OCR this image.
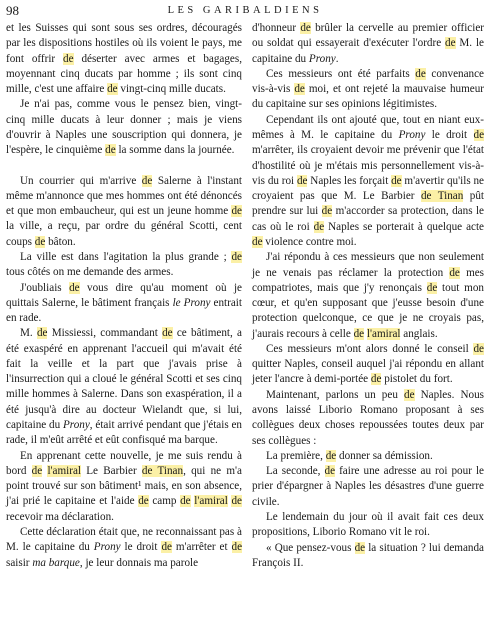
98	LES GARIBALDIENS

et les Suisses qui sont sous ses ordres, découragés par les dispositions hostiles où ils voient le pays, me font offrir de déserter avec armes et bagages, moyennant cinq ducats par homme ; ils sont cinq mille, c'est une affaire de vingt-cinq mille ducats.

Je n'ai pas, comme vous le pensez bien, vingt-cinq mille ducats à leur donner ; mais je viens d'ouvrir à Naples une souscription qui donnera, je l'espère, le cinquième de la somme dans la journée.

Un courrier qui m'arrive de Salerne à l'instant même m'annonce que mes hommes ont été dénoncés et que mon embaucheur, qui est un jeune homme de la ville, a reçu, par ordre du général Scotti, cent coups de bâton.

La ville est dans l'agitation la plus grande ; de tous côtés on me demande des armes.

J'oubliais de vous dire qu'au moment où je quittais Salerne, le bâtiment français le Prony entrait en rade.

M. de Missiessi, commandant de ce bâtiment, a été exaspéré en apprenant l'accueil qui m'avait été fait la veille et la part que j'avais prise à l'insurrection qui a cloué le général Scotti et ses cinq mille hommes à Salerne. Dans son exaspération, il a été jusqu'à dire au docteur Wielandt que, si lui, capitaine du Prony, était arrivé pendant que j'étais en rade, il m'eût arrêté et eût confisqué ma barque.

En apprenant cette nouvelle, je me suis rendu à bord de l'amiral Le Barbier de Tinan, qui ne m'a point trouvé sur son bâtiment¹ mais, en son absence, j'ai prié le capitaine et l'aide de camp de l'amiral de recevoir ma déclaration.

Cette déclaration était que, ne reconnaissant pas à M. le capitaine du Prony le droit de m'arrêter et de saisir ma barque, je leur donnais ma parole

d'honneur de brûler la cervelle au premier officier ou soldat qui essayerait d'exécuter l'ordre de M. le capitaine du Prony.

Ces messieurs ont été parfaits de convenance vis-à-vis de moi, et ont rejeté la mauvaise humeur du capitaine sur ses opinions légitimistes.

Cependant ils ont ajouté que, tout en niant eux-mêmes à M. le capitaine du Prony le droit de m'arrêter, ils croyaient devoir me prévenir que l'état d'hostilité où je m'étais mis personnellement vis-à-vis du roi de Naples les forçait de m'avertir qu'ils ne croyaient pas que M. Le Barbier de Tinan pût prendre sur lui de m'accorder sa protection, dans le cas où le roi de Naples se porterait à quelque acte de violence contre moi.

J'ai répondu à ces messieurs que non seulement je ne venais pas réclamer la protection de mes compatriotes, mais que j'y renonçais de tout mon cœur, et qu'en supposant que j'eusse besoin d'une protection quelconque, ce que je ne croyais pas, j'aurais recours à celle de l'amiral anglais.

Ces messieurs m'ont alors donné le conseil de quitter Naples, conseil auquel j'ai répondu en allant jeter l'ancre à demi-portée de pistolet du fort.

Maintenant, parlons un peu de Naples. Nous avons laissé Liborio Romano proposant à ses collègues deux choses repoussées toutes deux par ses collègues :

La première, de donner sa démission.

La seconde, de faire une adresse au roi pour le prier d'épargner à Naples les désastres d'une guerre civile.

Le lendemain du jour où il avait fait ces deux propositions, Liborio Romano vit le roi.

« Que pensez-vous de la situation ? lui demanda François II.
